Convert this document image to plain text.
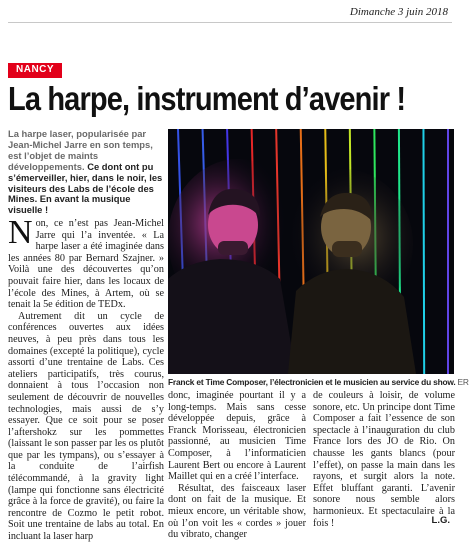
Dimanche 3 juin 2018
NANCY
La harpe, instrument d’avenir !
La harpe laser, popularisée par Jean-Michel Jarre en son temps, est l’objet de maints développements. Ce dont ont pu s’émerveiller, hier, dans le noir, les visiteurs des Labs de l’école des Mines. En avant la musique visuelle !

Non, ce n’est pas Jean-Michel Jarre qui l’a inventée. « La harpe laser a été imaginée dans les années 80 par Bernard Szajner. » Voilà une des découvertes qu’on pouvait faire hier, dans les locaux de l’école des Mines, à Artem, où se tenait la 5e édition de TEDx.

Autrement dit un cycle de conférences ouvertes aux idées neuves, à peu près dans tous les domaines (excepté la politique), cycle assorti d’une trentaine de Labs. Ces ateliers participatifs, très courus, donnaient à tous l’occasion non seulement de découvrir de nouvelles technologies, mais aussi de s’y essayer. Que ce soit pour se poser l’aftershokz sur les pommettes (laissant le son passer par les os plutôt que par les tympans), ou s’essayer à la conduite de l’airfish télécommandé, à la gravity light (lampe qui fonctionne sans électricité grâce à la force de gravité), ou faire la rencontre de Cozmo le petit robot. Soit une trentaine de labs au total. En incluant la laser harp

Franck et Time Composer, l’électronicien et le musicien au service du show. ER

donc, imaginée pourtant il y a long-temps. Mais sans cesse développée depuis, grâce à Franck Morisseau, électronicien passionné, au musicien Time Composer, à l’informaticien Laurent Bert ou encore à Laurent Maillet qui en a créé l’interface.

Résultat, des faisceaux laser dont on fait de la musique. Et mieux encore, un véritable show, où l’on voit les « cordes » jouer du vibrato, changer

de couleurs à loisir, de volume sonore, etc. Un principe dont Time Composer a fait l’essence de son spectacle à l’inauguration du club France lors des JO de Rio. On chausse les gants blancs (pour l’effet), on passe la main dans les rayons, et surgit alors la note. Effet bluffant garanti. L’avenir sonore nous semble alors harmonieux. Et spectaculaire à la fois !	L.G.
